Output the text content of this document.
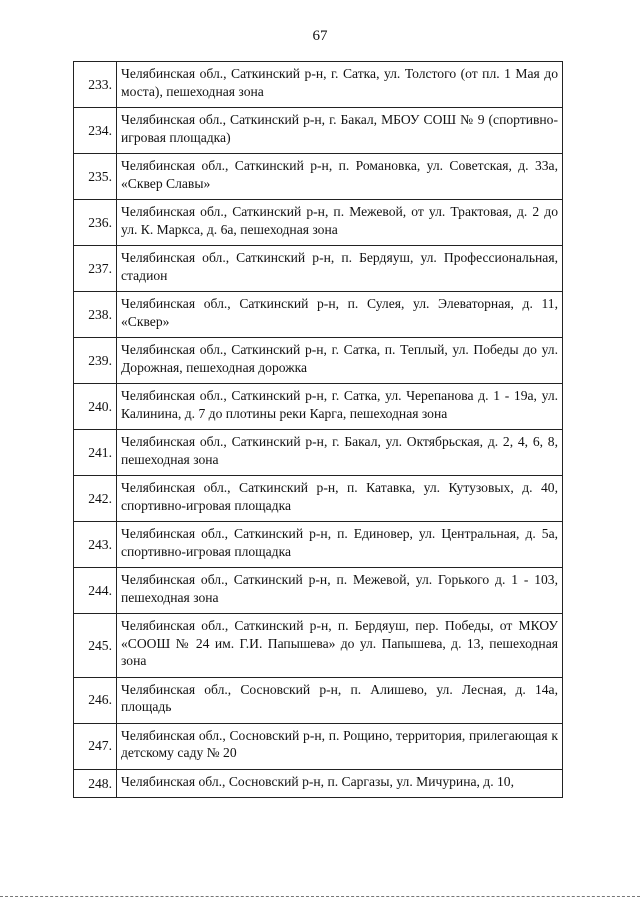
67
233.	Челябинская обл., Саткинский р-н, г. Сатка, ул. Толстого (от пл. 1 Мая до моста), пешеходная зона

234.	Челябинская обл., Саткинский р-н, г. Бакал, МБОУ СОШ № 9 (спортивно-игровая площадка)

235.	Челябинская обл., Саткинский р-н, п. Романовка, ул. Советская, д. 33а, «Сквер Славы»

236.	Челябинская обл., Саткинский р-н, п. Межевой, от ул. Трактовая, д. 2 до ул. К. Маркса, д. 6а, пешеходная зона

237.	Челябинская обл., Саткинский р-н, п. Бердяуш, ул. Профессиональная, стадион

238.	Челябинская обл., Саткинский р-н, п. Сулея, ул. Элеваторная, д. 11, «Сквер»

239.	Челябинская обл., Саткинский р-н, г. Сатка, п. Теплый, ул. Победы до ул. Дорожная, пешеходная дорожка

240.	Челябинская обл., Саткинский р-н, г. Сатка, ул. Черепанова д. 1 - 19а, ул. Калинина, д. 7 до плотины реки Карга, пешеходная зона

241.	Челябинская обл., Саткинский р-н, г. Бакал, ул. Октябрьская, д. 2, 4, 6, 8, пешеходная зона

242.	Челябинская обл., Саткинский р-н, п. Катавка, ул. Кутузовых, д. 40, спортивно-игровая площадка

243.	Челябинская обл., Саткинский р-н, п. Единовер, ул. Центральная, д. 5а, спортивно-игровая площадка

244.	Челябинская обл., Саткинский р-н, п. Межевой, ул. Горького д. 1 - 103, пешеходная зона

245.	Челябинская обл., Саткинский р-н, п. Бердяуш, пер. Победы, от МКОУ «СООШ № 24 им. Г.И. Папышева» до ул. Папышева, д. 13, пешеходная зона

246.	Челябинская обл., Сосновский р-н, п. Алишево, ул. Лесная, д. 14а, площадь

247.	Челябинская обл., Сосновский р-н, п. Рощино, территория, прилегающая к детскому саду № 20

248.	Челябинская обл., Сосновский р-н, п. Саргазы, ул. Мичурина, д. 10,
